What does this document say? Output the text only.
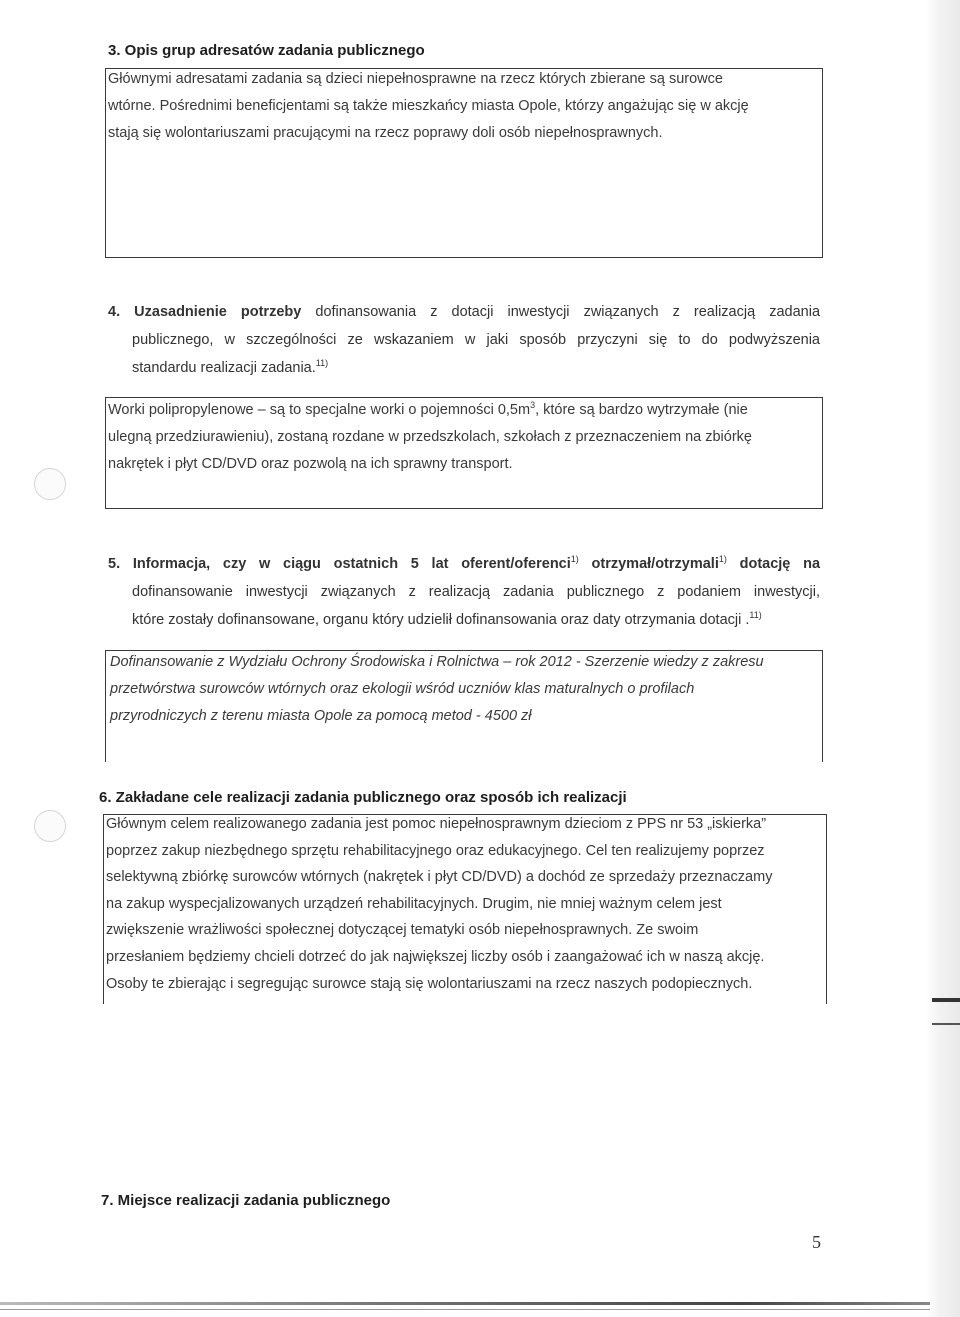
3. Opis grup adresatów zadania publicznego
Głównymi adresatami zadania są dzieci niepełnosprawne na rzecz których zbierane są surowce
wtórne. Pośrednimi beneficjentami są także mieszkańcy miasta Opole, którzy angażując się w akcję
stają się wolontariuszami pracującymi na rzecz poprawy doli osób niepełnosprawnych.
4. Uzasadnienie potrzeby dofinansowania z dotacji inwestycji związanych z realizacją zadania
publicznego, w szczególności ze wskazaniem w jaki sposób przyczyni się to do podwyższenia
standardu realizacji zadania.$^{11)}$
Worki polipropylenowe – są to specjalne worki o pojemności $0,5m^3$, które są bardzo wytrzymałe (nie
ulegną przedziurawieniu), zostaną rozdane w przedszkolach, szkołach z przeznaczeniem na zbiórkę
nakrętek i płyt CD/DVD oraz pozwolą na ich sprawny transport.
5. Informacja, czy w ciągu ostatnich 5 lat oferent/oferenci$^{1)}$ otrzymał/otrzymali$^{1)}$ dotację na
dofinansowanie inwestycji związanych z realizacją zadania publicznego z podaniem inwestycji,
które zostały dofinansowane, organu który udzielił dofinansowania oraz daty otrzymania dotacji .$^{11)}$
Dofinansowanie z Wydziału Ochrony Środowiska i Rolnictwa – rok 2012 - Szerzenie wiedzy z zakresu
przetwórstwa surowców wtórnych oraz ekologii wśród uczniów klas maturalnych o profilach
przyrodniczych z terenu miasta Opole za pomocą metod - 4500 zł
6. Zakładane cele realizacji zadania publicznego oraz sposób ich realizacji
Głównym celem realizowanego zadania jest pomoc niepełnosprawnym dzieciom z PPS nr 53 „iskierka”
poprzez zakup niezbędnego sprzętu rehabilitacyjnego oraz edukacyjnego. Cel ten realizujemy poprzez
selektywną zbiórkę surowców wtórnych (nakrętek i płyt CD/DVD) a dochód ze sprzedaży przeznaczamy
na zakup wyspecjalizowanych urządzeń rehabilitacyjnych. Drugim, nie mniej ważnym celem jest
zwiększenie wrażliwości społecznej dotyczącej tematyki osób niepełnosprawnych. Ze swoim
przesłaniem będziemy chcieli dotrzeć do jak największej liczby osób i zaangażować ich w naszą akcję.
Osoby te zbierając i segregując surowce stają się wolontariuszami na rzecz naszych podopiecznych.
7. Miejsce realizacji zadania publicznego
5
